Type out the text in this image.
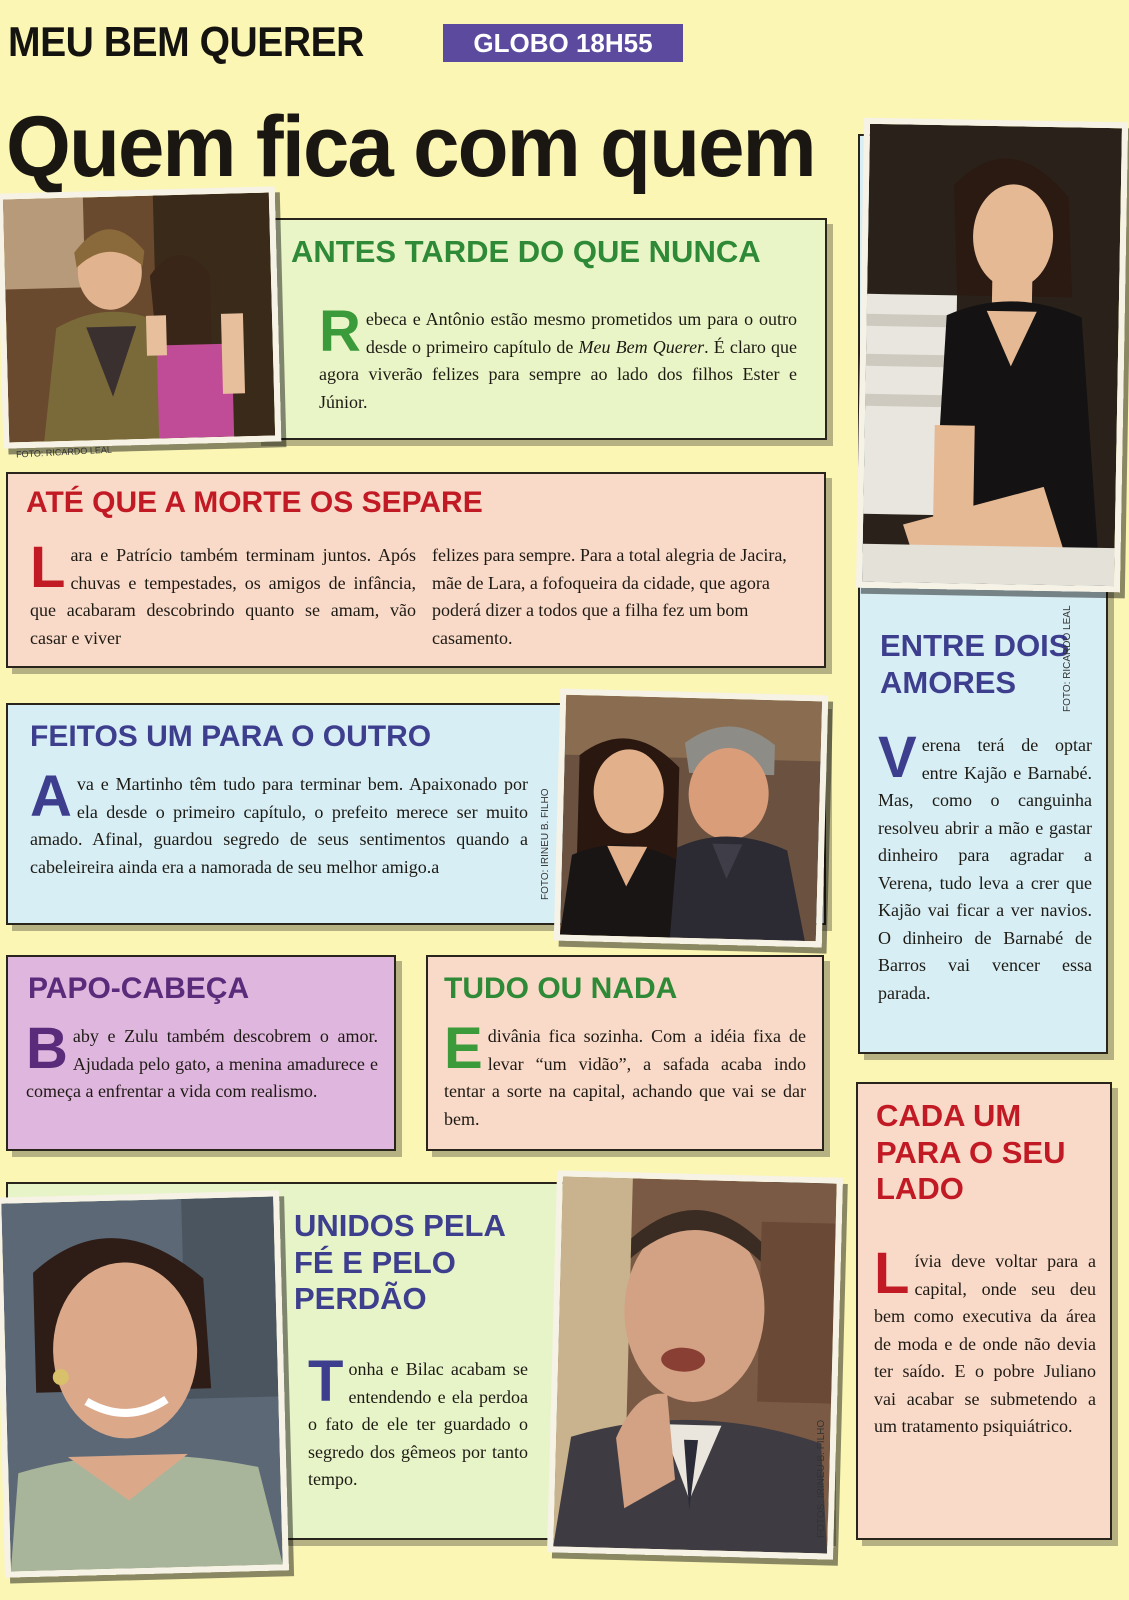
MEU BEM QUERER	GLOBO 18H55
Quem fica com quem
ANTES TARDE DO QUE NUNCA
Rebeca e Antônio estão mesmo prometidos um para o outro desde o primeiro capítulo de Meu Bem Querer. É claro que agora viverão felizes para sempre ao lado dos filhos Ester e Júnior.
FOTO: RICARDO LEAL
ATÉ QUE A MORTE OS SEPARE
Lara e Patrício também terminam juntos. Após chuvas e tempestades, os amigos de infância, que acabaram descobrindo quanto se amam, vão casar e viver
felizes para sempre. Para a total alegria de Jacira, mãe de Lara, a fofoqueira da cidade, que agora poderá dizer a todos que a filha fez um bom casamento.	ENTRE DOIS AMORES
Verena terá de optar entre Kajão e Barnabé. Mas, como o canguinha resolveu abrir a mão e gastar dinheiro para agradar a Verena, tudo leva a crer que Kajão vai ficar a ver navios. O dinheiro de Barnabé de Barros vai vencer essa parada.
FOTO: RICARDO LEAL
FEITOS UM PARA O OUTRO
Ava e Martinho têm tudo para terminar bem. Apaixonado por ela desde o primeiro capítulo, o prefeito merece ser muito amado. Afinal, guardou segredo de seus sentimentos quando a cabeleireira ainda era a namorada de seu melhor amigo.a	FOTO: IRINEU B. FILHO
PAPO-CABEÇA
Baby e Zulu também descobrem o amor. Ajudada pelo gato, a menina amadurece e começa a enfrentar a vida com realismo.
TUDO OU NADA
Edivânia fica sozinha. Com a idéia fixa de levar “um vidão”, a safada acaba indo tentar a sorte na capital, achando que vai se dar bem.
UNIDOS PELA FÉ E PELO PERDÃO
Tonha e Bilac acabam se entendendo e ela perdoa o fato de ele ter guardado o segredo dos gêmeos por tanto tempo.	FOTOS: IRINEU B. FILHO
CADA UM PARA O SEU LADO
Lívia deve voltar para a capital, onde seu deu bem como executiva da área de moda e de onde não devia ter saído. E o pobre Juliano vai acabar se submetendo a um tratamento psiquiátrico.
